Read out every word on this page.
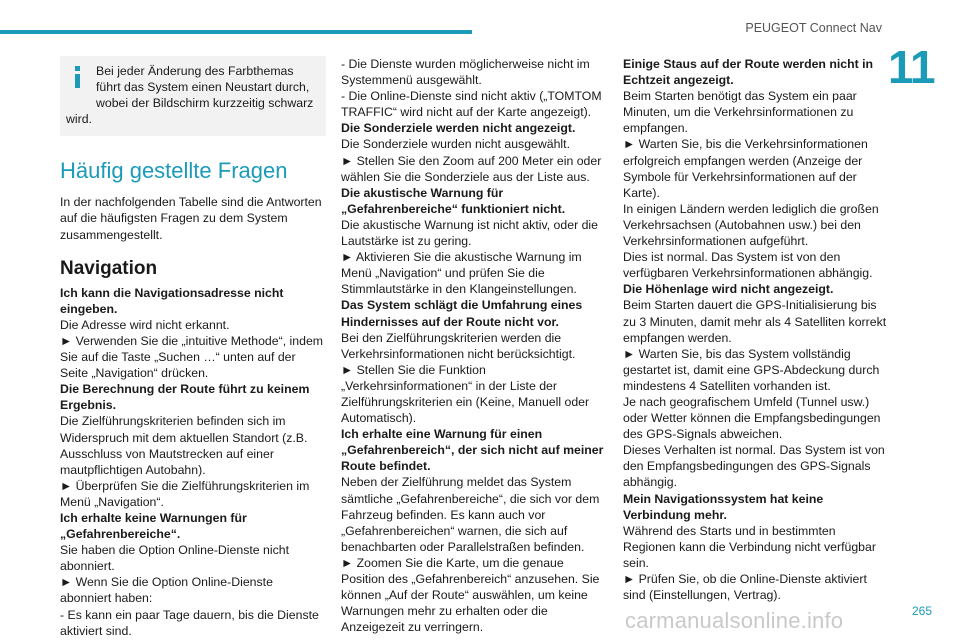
PEUGEOT Connect Nav
11
Bei jeder Änderung des Farbthemas führt das System einen Neustart durch, wobei der Bildschirm kurzzeitig schwarz wird.
Häufig gestellte Fragen

In der nachfolgenden Tabelle sind die Antworten auf die häufigsten Fragen zu dem System zusammengestellt.

Navigation

Ich kann die Navigationsadresse nicht eingeben.

Die Adresse wird nicht erkannt.

► Verwenden Sie die „intuitive Methode“, indem Sie auf die Taste „Suchen …“ unten auf der Seite „Navigation“ drücken.

Die Berechnung der Route führt zu keinem Ergebnis.

Die Zielführungskriterien befinden sich im Widerspruch mit dem aktuellen Standort (z.B. Ausschluss von Mautstrecken auf einer mautpflichtigen Autobahn).

► Überprüfen Sie die Zielführungskriterien im Menü „Navigation“.

Ich erhalte keine Warnungen für „Gefahrenbereiche“.

Sie haben die Option Online-Dienste nicht abonniert.

► Wenn Sie die Option Online-Dienste abonniert haben:

- Es kann ein paar Tage dauern, bis die Dienste aktiviert sind.

- Die Dienste wurden möglicherweise nicht im Systemmenü ausgewählt.

- Die Online-Dienste sind nicht aktiv („TOMTOM TRAFFIC“ wird nicht auf der Karte angezeigt).

Die Sonderziele werden nicht angezeigt.

Die Sonderziele wurden nicht ausgewählt.

► Stellen Sie den Zoom auf 200 Meter ein oder wählen Sie die Sonderziele aus der Liste aus.

Die akustische Warnung für „Gefahrenbereiche“ funktioniert nicht.

Die akustische Warnung ist nicht aktiv, oder die Lautstärke ist zu gering.

► Aktivieren Sie die akustische Warnung im Menü „Navigation“ und prüfen Sie die Stimmlautstärke in den Klangeinstellungen.

Das System schlägt die Umfahrung eines Hindernisses auf der Route nicht vor.

Bei den Zielführungskriterien werden die Verkehrsinformationen nicht berücksichtigt.

► Stellen Sie die Funktion „Verkehrsinformationen“ in der Liste der Zielführungskriterien ein (Keine, Manuell oder Automatisch).

Ich erhalte eine Warnung für einen „Gefahrenbereich“, der sich nicht auf meiner Route befindet.

Neben der Zielführung meldet das System sämtliche „Gefahrenbereiche“, die sich vor dem Fahrzeug befinden. Es kann auch vor „Gefahrenbereichen“ warnen, die sich auf benachbarten oder Parallelstraßen befinden.

► Zoomen Sie die Karte, um die genaue Position des „Gefahrenbereich“ anzusehen. Sie können „Auf der Route“ auswählen, um keine Warnungen mehr zu erhalten oder die Anzeigezeit zu verringern.

Einige Staus auf der Route werden nicht in Echtzeit angezeigt.

Beim Starten benötigt das System ein paar Minuten, um die Verkehrsinformationen zu empfangen.

► Warten Sie, bis die Verkehrsinformationen erfolgreich empfangen werden (Anzeige der Symbole für Verkehrsinformationen auf der Karte).

In einigen Ländern werden lediglich die großen Verkehrsachsen (Autobahnen usw.) bei den Verkehrsinformationen aufgeführt.

Dies ist normal. Das System ist von den verfügbaren Verkehrsinformationen abhängig.

Die Höhenlage wird nicht angezeigt.

Beim Starten dauert die GPS-Initialisierung bis zu 3 Minuten, damit mehr als 4 Satelliten korrekt empfangen werden.

► Warten Sie, bis das System vollständig gestartet ist, damit eine GPS-Abdeckung durch mindestens 4 Satelliten vorhanden ist.

Je nach geografischem Umfeld (Tunnel usw.) oder Wetter können die Empfangsbedingungen des GPS-Signals abweichen.

Dieses Verhalten ist normal. Das System ist von den Empfangsbedingungen des GPS-Signals abhängig.

Mein Navigationssystem hat keine Verbindung mehr.

Während des Starts und in bestimmten Regionen kann die Verbindung nicht verfügbar sein.

► Prüfen Sie, ob die Online-Dienste aktiviert sind (Einstellungen, Vertrag).

265
carmanualsonline.info
